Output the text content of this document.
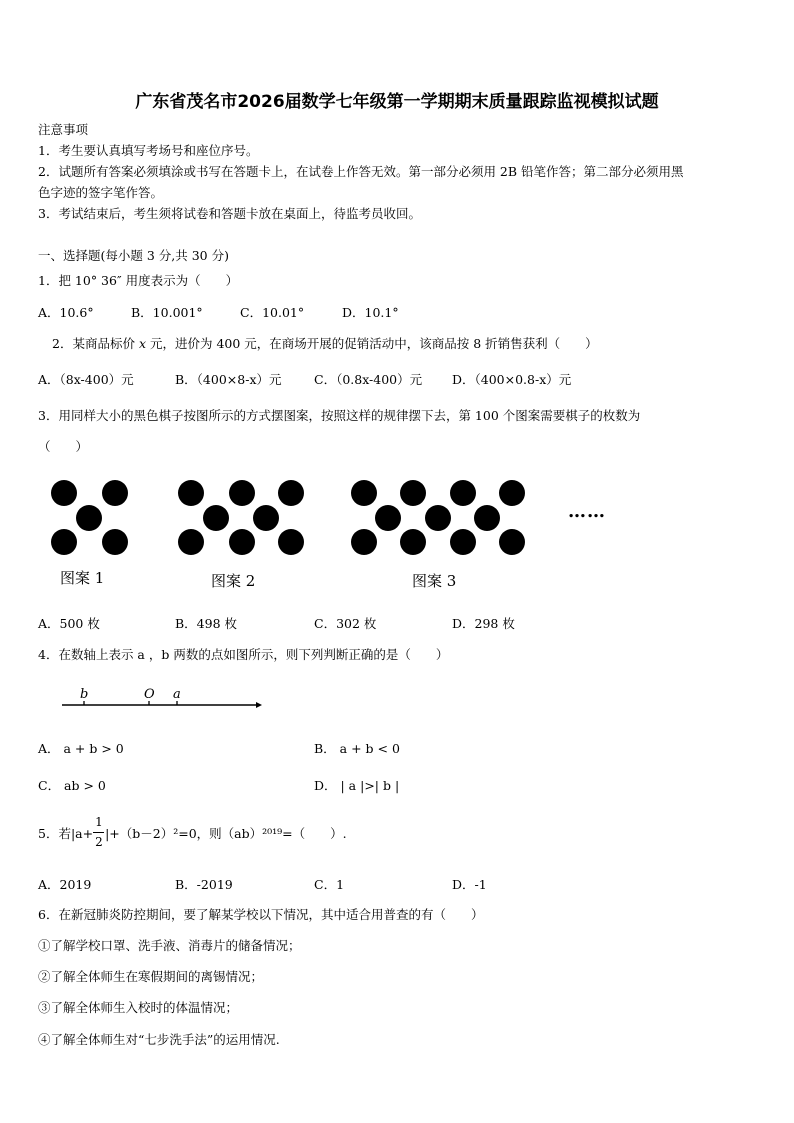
广东省茂名市2026届数学七年级第一学期期末质量跟踪监视模拟试题
注意事项
1．考生要认真填写考场号和座位序号。
2．试题所有答案必须填涂或书写在答题卡上，在试卷上作答无效。第一部分必须用 2B 铅笔作答；第二部分必须用黑
色字迹的签字笔作答。
3．考试结束后，考生须将试卷和答题卡放在桌面上，待监考员收回。
一、选择题(每小题 3 分,共 30 分)
1．把 10° 36″ 用度表示为（　　）
A．10.6°	B．10.001°	C．10.01°	D．10.1°
2．某商品标价 x 元，进价为 400 元，在商场开展的促销活动中，该商品按 8 折销售获利（　　）
A．（8x-400）元	B．（400×8-x）元	C．（0.8x-400）元 D．（400×0.8-x）元
3．用同样大小的黑色棋子按图所示的方式摆图案，按照这样的规律摆下去，第 100 个图案需要棋子的枚数为
（　　）
……
图案 1	图案 2	图案 3
A．500 枚	B．498 枚	C．302 枚	D．298 枚
4．在数轴上表示 a ，b 两数的点如图所示，则下列判断正确的是（　　）
b	O a
A． a + b > 0	B． a + b < 0
C． ab > 0	D． | a |>| b |
5．若$|a+ \frac{1}{2} |+(b-2)^2=0$，则（ab）²⁰¹⁹=（　　）.
A．2019	B．-2019	C．1	D．-1
6．在新冠肺炎防控期间，要了解某学校以下情况，其中适合用普查的有（　　）
①了解学校口罩、洗手液、消毒片的储备情况；
②了解全体师生在寒假期间的离锡情况；
③了解全体师生入校时的体温情况；
④了解全体师生对“七步洗手法”的运用情况.
